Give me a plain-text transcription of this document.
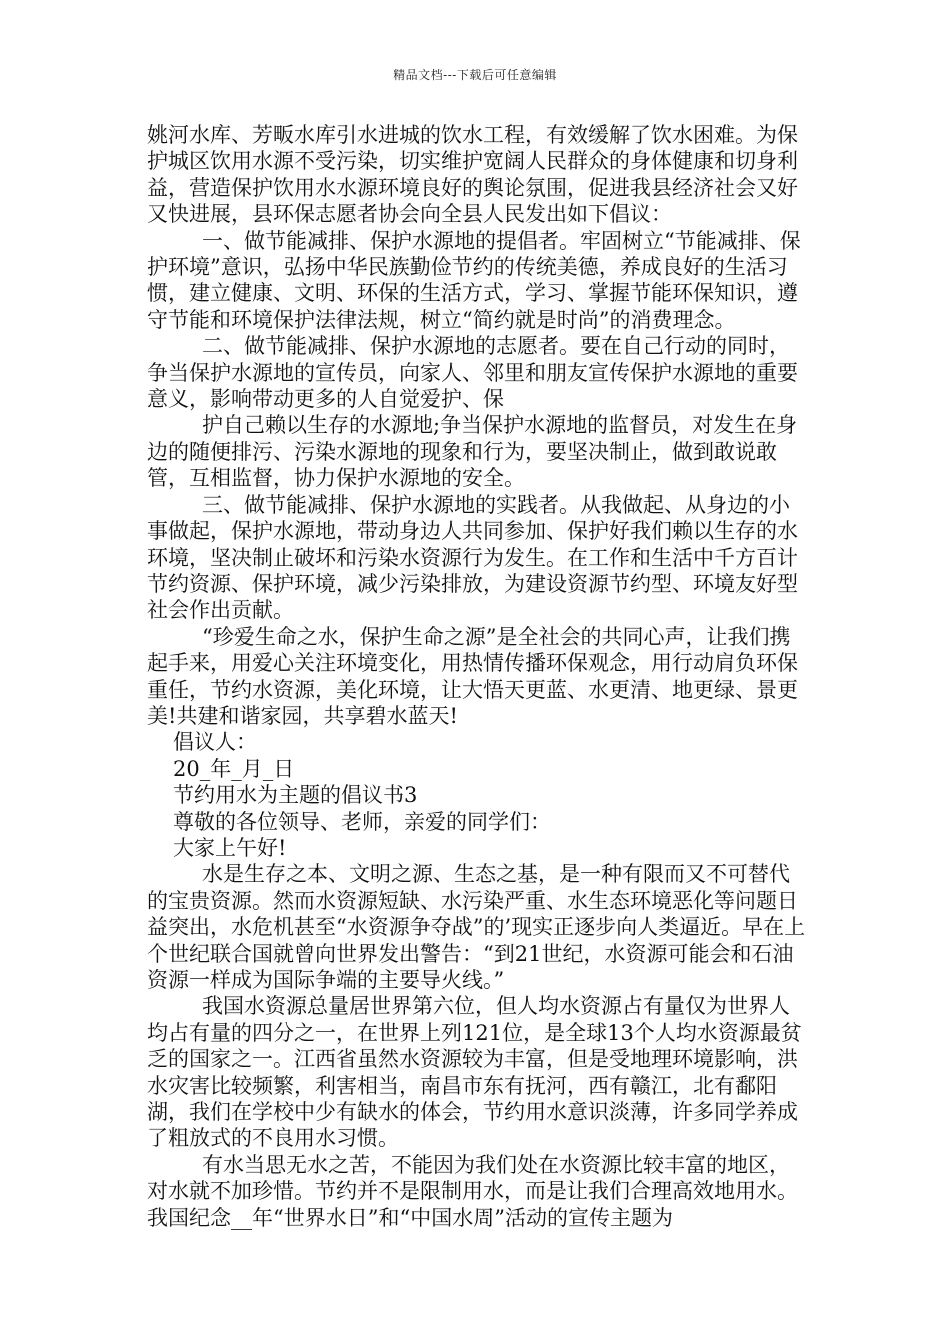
精品文档---下载后可任意编辑

姚河水库、芳畈水库引水进城的饮水工程，有效缓解了饮水困难。为保护城区饮用水源不受污染，切实维护宽阔人民群众的身体健康和切身利益，营造保护饮用水水源环境良好的舆论氛围，促进我县经济社会又好又快进展，县环保志愿者协会向全县人民发出如下倡议：

一、做节能减排、保护水源地的提倡者。牢固树立“节能减排、保护环境”意识，弘扬中华民族勤俭节约的传统美德，养成良好的生活习惯，建立健康、文明、环保的生活方式，学习、掌握节能环保知识，遵守节能和环境保护法律法规，树立“简约就是时尚”的消费理念。

二、做节能减排、保护水源地的志愿者。要在自己行动的同时，争当保护水源地的宣传员，向家人、邻里和朋友宣传保护水源地的重要意义，影响带动更多的人自觉爱护、保

护自己赖以生存的水源地;争当保护水源地的监督员，对发生在身边的随便排污、污染水源地的现象和行为，要坚决制止，做到敢说敢管，互相监督，协力保护水源地的安全。

三、做节能减排、保护水源地的实践者。从我做起、从身边的小事做起，保护水源地，带动身边人共同参加、保护好我们赖以生存的水环境，坚决制止破坏和污染水资源行为发生。在工作和生活中千方百计节约资源、保护环境，减少污染排放，为建设资源节约型、环境友好型社会作出贡献。

“珍爱生命之水，保护生命之源”是全社会的共同心声，让我们携起手来，用爱心关注环境变化，用热情传播环保观念，用行动肩负环保重任，节约水资源，美化环境，让大悟天更蓝、水更清、地更绿、景更美!共建和谐家园，共享碧水蓝天!

倡议人：

20_年_月_日

节约用水为主题的倡议书3

尊敬的各位领导、老师，亲爱的同学们：

大家上午好!

水是生存之本、文明之源、生态之基，是一种有限而又不可替代的宝贵资源。然而水资源短缺、水污染严重、水生态环境恶化等问题日益突出，水危机甚至“水资源争夺战”的’现实正逐步向人类逼近。早在上个世纪联合国就曾向世界发出警告：“到21世纪，水资源可能会和石油资源一样成为国际争端的主要导火线。”

我国水资源总量居世界第六位，但人均水资源占有量仅为世界人均占有量的四分之一，在世界上列121位，是全球13个人均水资源最贫乏的国家之一。江西省虽然水资源较为丰富，但是受地理环境影响，洪水灾害比较频繁，利害相当，南昌市东有抚河，西有赣江，北有鄱阳湖，我们在学校中少有缺水的体会，节约用水意识淡薄，许多同学养成了粗放式的不良用水习惯。

有水当思无水之苦，不能因为我们处在水资源比较丰富的地区，对水就不加珍惜。节约并不是限制用水，而是让我们合理高效地用水。我国纪念__年“世界水日”和“中国水周”活动的宣传主题为
